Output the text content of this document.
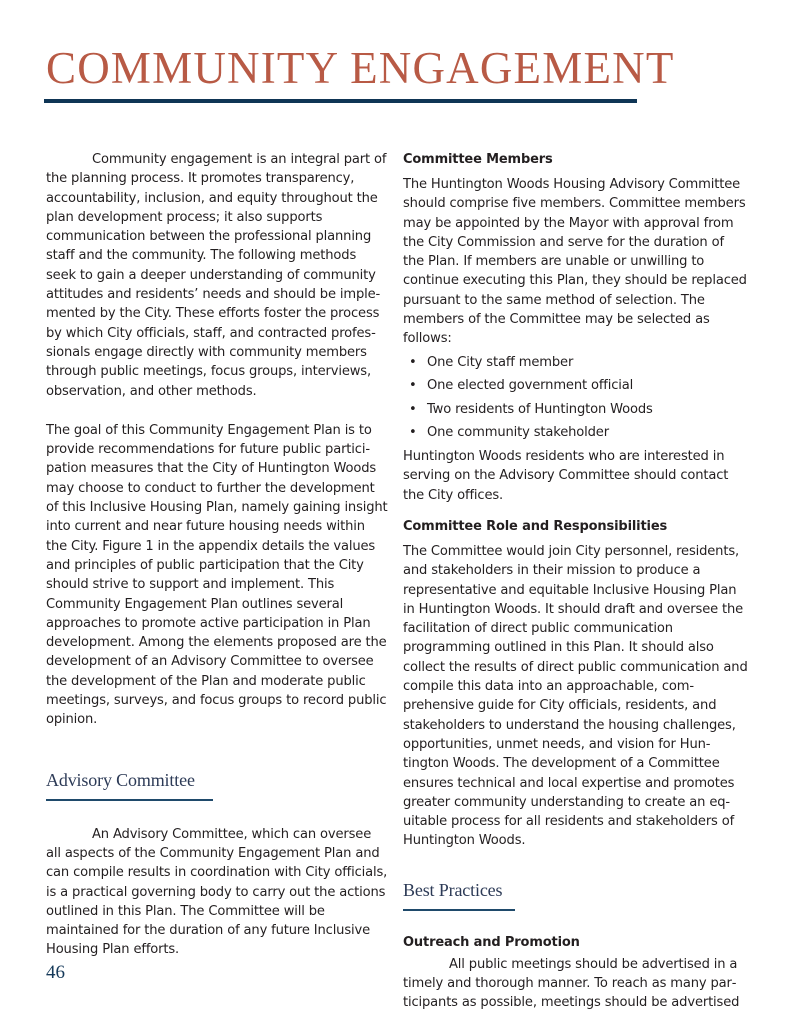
COMMUNITY ENGAGEMENT

Community engagement is an integral part of the planning process. It promotes transparency, accountability, inclusion, and equity throughout the plan development process; it also supports communication between the professional planning staff and the community. The following methods seek to gain a deeper understanding of community attitudes and residents’ needs and should be implemented by the City. These efforts foster the process by which City officials, staff, and contracted professionals engage directly with community members through public meetings, focus groups, interviews, observation, and other methods.

The goal of this Community Engagement Plan is to provide recommendations for future public participation measures that the City of Huntington Woods may choose to conduct to further the development of this Inclusive Housing Plan, namely gaining insight into current and near future housing needs within the City. Figure 1 in the appendix details the values and principles of public participation that the City should strive to support and implement. This Community Engagement Plan outlines several approaches to promote active participation in Plan development. Among the elements proposed are the development of an Advisory Committee to oversee the development of the Plan and moderate public meetings, surveys, and focus groups to record public opinion.

Advisory Committee

An Advisory Committee, which can oversee all aspects of the Community Engagement Plan and can compile results in coordination with City officials, is a practical governing body to carry out the actions outlined in this Plan. The Committee will be maintained for the duration of any future Inclusive Housing Plan efforts.

Committee Members

The Huntington Woods Housing Advisory Committee should comprise five members. Committee members may be appointed by the Mayor with approval from the City Commission and serve for the duration of the Plan. If members are unable or unwilling to continue executing this Plan, they should be replaced pursuant to the same method of selection. The members of the Committee may be selected as follows:

• One City staff member
• One elected government official
• Two residents of Huntington Woods
• One community stakeholder

Huntington Woods residents who are interested in serving on the Advisory Committee should contact the City offices.

Committee Role and Responsibilities

The Committee would join City personnel, residents, and stakeholders in their mission to produce a representative and equitable Inclusive Housing Plan in Huntington Woods. It should draft and oversee the facilitation of direct public communication programming outlined in this Plan. It should also collect the results of direct public communication and compile this data into an approachable, comprehensive guide for City officials, residents, and stakeholders to understand the housing challenges, opportunities, unmet needs, and vision for Huntington Woods. The development of a Committee ensures technical and local expertise and promotes greater community understanding to create an equitable process for all residents and stakeholders of Huntington Woods.

Best Practices
Outreach and Promotion

All public meetings should be advertised in a timely and thorough manner. To reach as many participants as possible, meetings should be advertised

46
